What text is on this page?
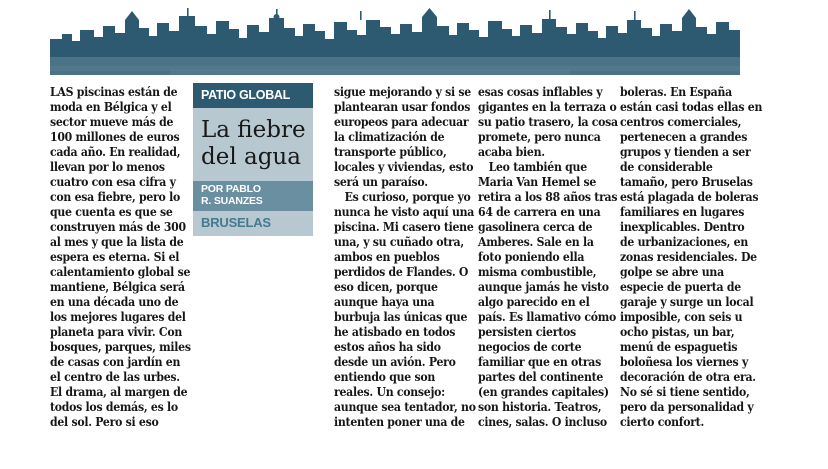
LAS piscinas están de
moda en Bélgica y el
sector mueve más de
100 millones de euros
cada año. En realidad,
llevan por lo menos
cuatro con esa cifra y
con esa fiebre, pero lo
que cuenta es que se
construyen más de 300
al mes y que la lista de
espera es eterna. Si el
calentamiento global se
mantiene, Bélgica será
en una década uno de
los mejores lugares del
planeta para vivir. Con
bosques, parques, miles
de casas con jardín en
el centro de las urbes.
El drama, al margen de
todos los demás, es lo
del sol. Pero si eso
PATIO GLOBAL
La fiebre
del agua
POR PABLO
R. SUANZES
BRUSELAS
sigue mejorando y si se
plantearan usar fondos
europeos para adecuar
la climatización de
transporte público,
locales y viviendas, esto
será un paraíso.
Es curioso, porque yo
nunca he visto aquí una
piscina. Mi casero tiene
una, y su cuñado otra,
ambos en pueblos
perdidos de Flandes. O
eso dicen, porque
aunque haya una
burbuja las únicas que
he atisbado en todos
estos años ha sido
desde un avión. Pero
entiendo que son
reales. Un consejo:
aunque sea tentador, no
intenten poner una de
esas cosas inflables y
gigantes en la terraza o
su patio trasero, la cosa
promete, pero nunca
acaba bien.
Leo también que
Maria Van Hemel se
retira a los 88 años tras
64 de carrera en una
gasolinera cerca de
Amberes. Sale en la
foto poniendo ella
misma combustible,
aunque jamás he visto
algo parecido en el
país. Es llamativo cómo
persisten ciertos
negocios de corte
familiar que en otras
partes del continente
(en grandes capitales)
son historia. Teatros,
cines, salas. O incluso
boleras. En España
están casi todas ellas en
centros comerciales,
pertenecen a grandes
grupos y tienden a ser
de considerable
tamaño, pero Bruselas
está plagada de boleras
familiares en lugares
inexplicables. Dentro
de urbanizaciones, en
zonas residenciales. De
golpe se abre una
especie de puerta de
garaje y surge un local
imposible, con seis u
ocho pistas, un bar,
menú de espaguetis
boloñesa los viernes y
decoración de otra era.
No sé si tiene sentido,
pero da personalidad y
cierto confort.
